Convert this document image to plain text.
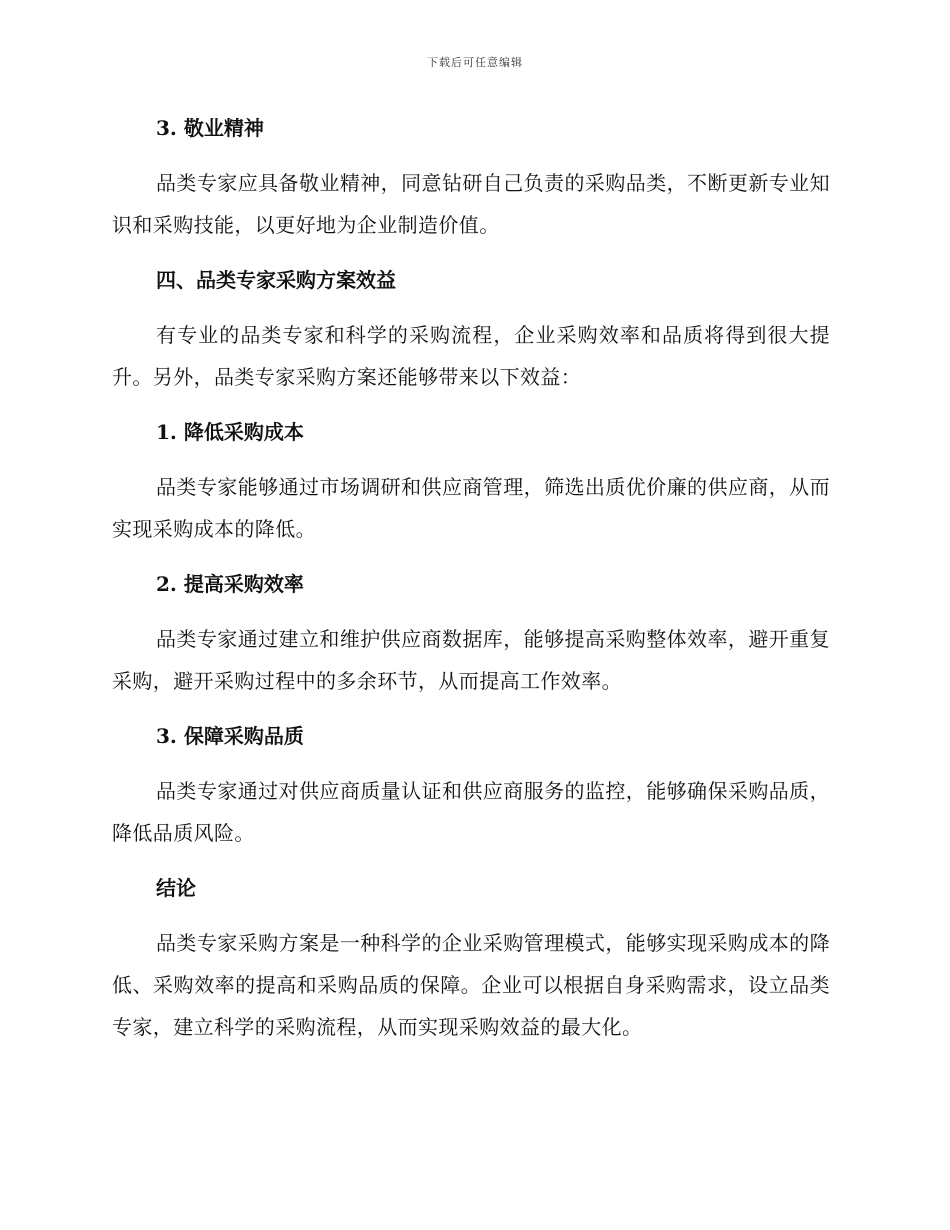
下载后可任意编辑
3. 敬业精神

品类专家应具备敬业精神，同意钻研自己负责的采购品类，不断更新专业知识和采购技能，以更好地为企业制造价值。

四、品类专家采购方案效益

有专业的品类专家和科学的采购流程，企业采购效率和品质将得到很大提升。另外，品类专家采购方案还能够带来以下效益：

1. 降低采购成本

品类专家能够通过市场调研和供应商管理，筛选出质优价廉的供应商，从而实现采购成本的降低。

2. 提高采购效率

品类专家通过建立和维护供应商数据库，能够提高采购整体效率，避开重复采购，避开采购过程中的多余环节，从而提高工作效率。

3. 保障采购品质

品类专家通过对供应商质量认证和供应商服务的监控，能够确保采购品质，降低品质风险。

结论

品类专家采购方案是一种科学的企业采购管理模式，能够实现采购成本的降低、采购效率的提高和采购品质的保障。企业可以根据自身采购需求，设立品类专家，建立科学的采购流程，从而实现采购效益的最大化。
